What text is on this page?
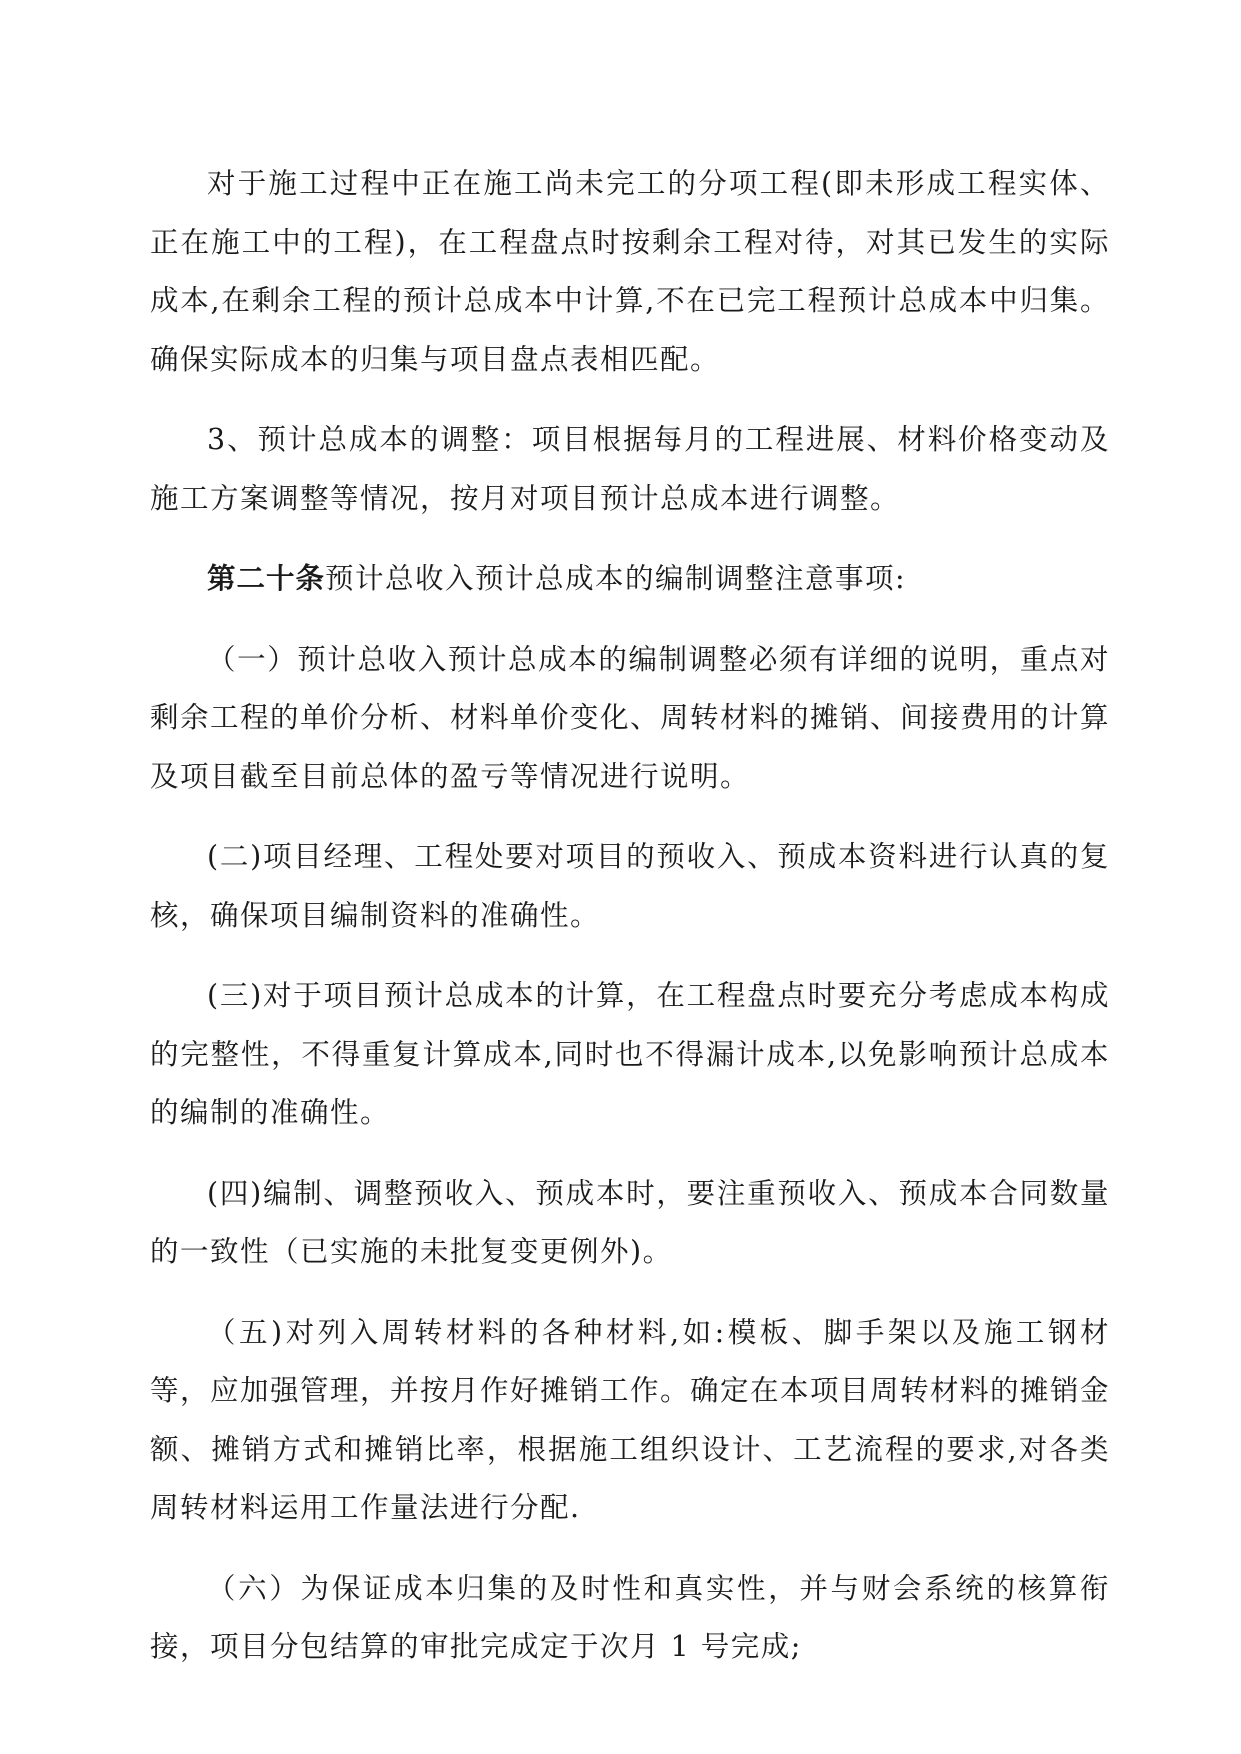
对于施工过程中正在施工尚未完工的分项工程(即未形成工程实体、正在施工中的工程)，在工程盘点时按剩余工程对待，对其已发生的实际成本,在剩余工程的预计总成本中计算,不在已完工程预计总成本中归集。确保实际成本的归集与项目盘点表相匹配。

3、预计总成本的调整：项目根据每月的工程进展、材料价格变动及施工方案调整等情况，按月对项目预计总成本进行调整。

第二十条预计总收入预计总成本的编制调整注意事项:

（一）预计总收入预计总成本的编制调整必须有详细的说明，重点对剩余工程的单价分析、材料单价变化、周转材料的摊销、间接费用的计算及项目截至目前总体的盈亏等情况进行说明。

(二)项目经理、工程处要对项目的预收入、预成本资料进行认真的复核，确保项目编制资料的准确性。

(三)对于项目预计总成本的计算，在工程盘点时要充分考虑成本构成的完整性，不得重复计算成本,同时也不得漏计成本,以免影响预计总成本的编制的准确性。

(四)编制、调整预收入、预成本时，要注重预收入、预成本合同数量的一致性（已实施的未批复变更例外)。

（五)对列入周转材料的各种材料,如:模板、脚手架以及施工钢材等，应加强管理，并按月作好摊销工作。确定在本项目周转材料的摊销金额、摊销方式和摊销比率，根据施工组织设计、工艺流程的要求,对各类周转材料运用工作量法进行分配.

（六）为保证成本归集的及时性和真实性，并与财会系统的核算衔接，项目分包结算的审批完成定于次月 1 号完成;
